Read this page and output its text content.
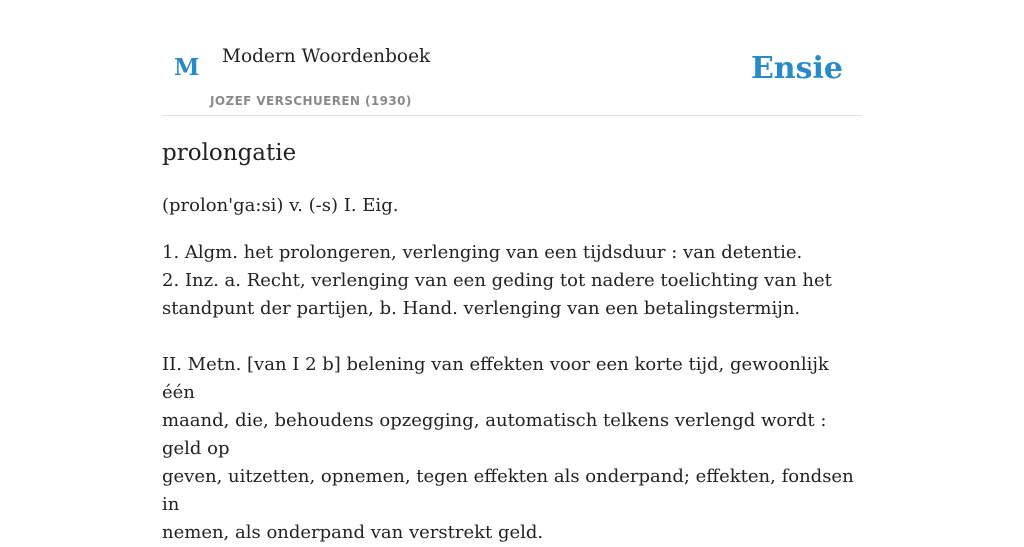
M Modern Woordenboek
JOZEF VERSCHUEREN (1930)
Ensie
prolongatie

(prolon'ga:si) v. (-s) I. Eig.

1. Algm. het prolongeren, verlenging van een tijdsduur : van detentie.

2. Inz. a. Recht, verlenging van een geding tot nadere toelichting van het

standpunt der partijen, b. Hand. verlenging van een betalingstermijn.

II. Metn. [van I 2 b] belening van effekten voor een korte tijd, gewoonlijk één

maand, die, behoudens opzegging, automatisch telkens verlengd wordt : geld op

geven, uitzetten, opnemen, tegen effekten als onderpand; effekten, fondsen in

nemen, als onderpand van verstrekt geld.
